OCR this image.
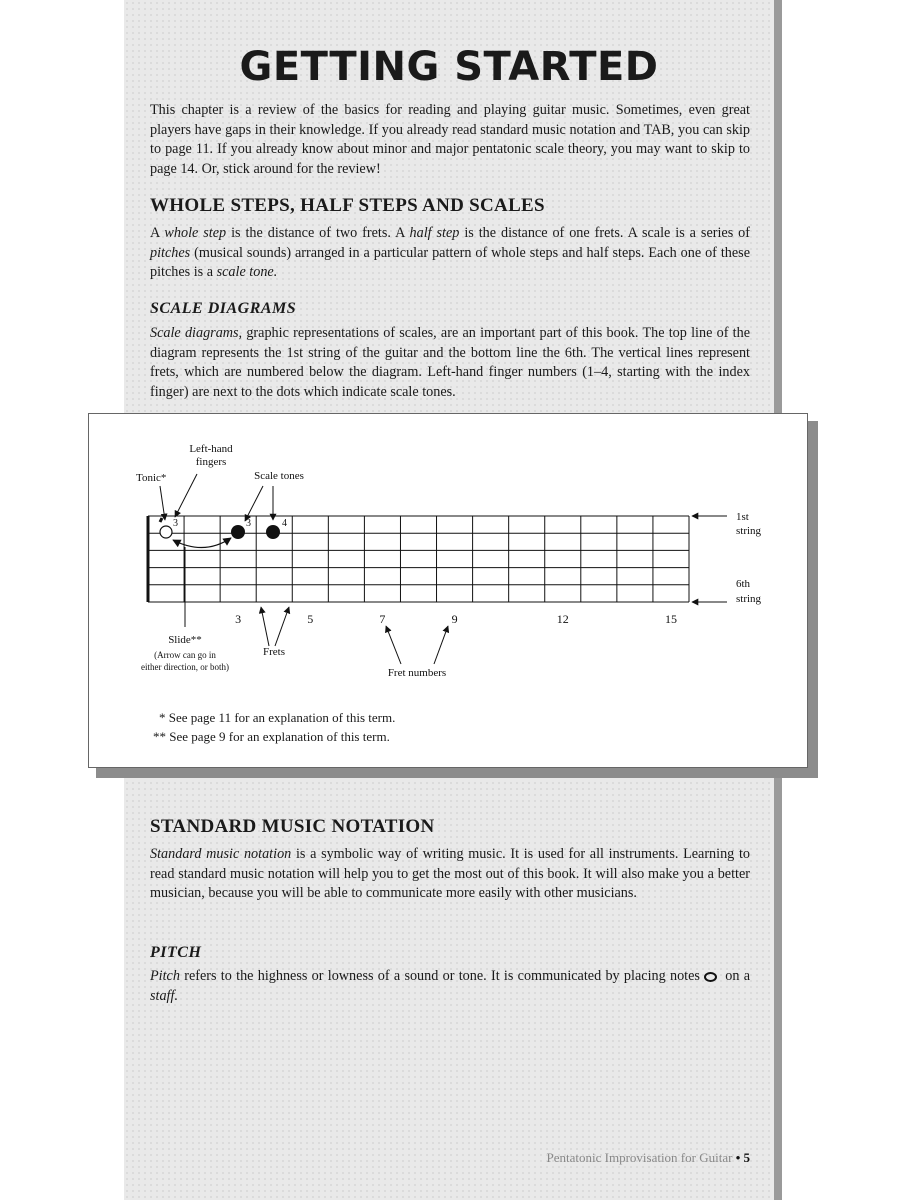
GETTING STARTED

This chapter is a review of the basics for reading and playing guitar music. Sometimes, even great players have gaps in their knowledge. If you already read standard music notation and TAB, you can skip to page 11. If you already know about minor and major pentatonic scale theory, you may want to skip to page 14. Or, stick around for the review!

WHOLE STEPS, HALF STEPS AND SCALES

A whole step is the distance of two frets. A half step is the distance of one frets. A scale is a series of pitches (musical sounds) arranged in a particular pattern of whole steps and half steps. Each one of these pitches is a scale tone.

SCALE DIAGRAMS

Scale diagrams, graphic representations of scales, are an important part of this book. The top line of the diagram represents the 1st string of the guitar and the bottom line the 6th. The vertical lines represent frets, which are numbered below the diagram. Left-hand finger numbers (1–4, starting with the index finger) are next to the dots which indicate scale tones.

3	3	4
Tonic*
Left-hand
fingers
Scale tones
1st
string
6th
string
3	5	7	9	12	15
Frets
Fret numbers
Slide**
(Arrow can go in
either direction, or both)

* See page 11 for an explanation of this term.

** See page 9 for an explanation of this term.

STANDARD MUSIC NOTATION

Standard music notation is a symbolic way of writing music. It is used for all instruments. Learning to read standard music notation will help you to get the most out of this book. It will also make you a better musician, because you will be able to communicate more easily with other musicians.

PITCH

Pitch refers to the highness or lowness of a sound or tone. It is communicated by placing notes on a staff.

Pentatonic Improvisation for Guitar • 5
